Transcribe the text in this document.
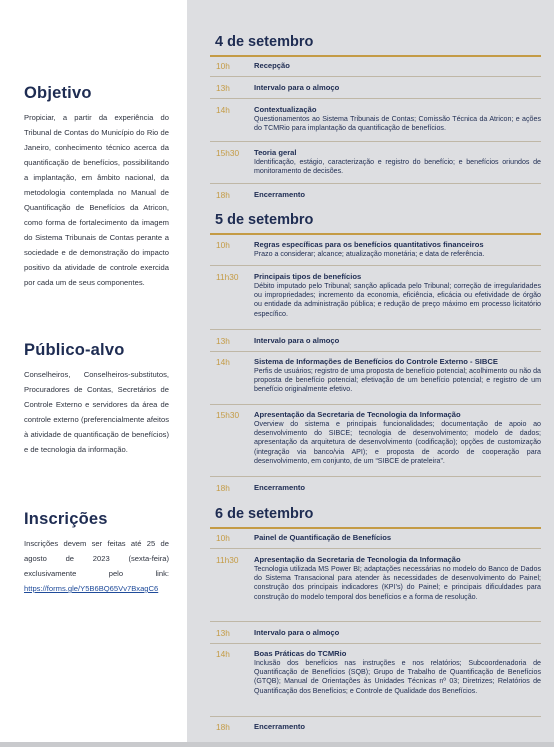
Objetivo

Propiciar, a partir da experiência do Tribunal de Contas do Município do Rio de Janeiro, conhecimento técnico acerca da quantificação de benefícios, possibilitando a implantação, em âmbito nacional, da metodologia contemplada no Manual de Quantificação de Benefícios da Atricon, como forma de fortalecimento da imagem do Sistema Tribunais de Contas perante a sociedade e de demonstração do impacto positivo da atividade de controle exercida por cada um de seus componentes.

Público-alvo

Conselheiros, Conselheiros-substitutos, Procuradores de Contas, Secretários de Controle Externo e servidores da área de controle externo (preferencialmente afeitos à atividade de quantificação de benefícios) e de tecnologia da informação.

Inscrições

Inscrições devem ser feitas até 25 de agosto de 2023 (sexta-feira) exclusivamente pelo link: https://forms.gle/Y5B6BQ65Vv7BxagC6

4 de setembro
10h	Recepção
13h	Intervalo para o almoço
14h	Contextualização
Questionamentos ao Sistema Tribunais de Contas; Comissão Técnica da Atricon; e ações do TCMRio para implantação da quantificação de benefícios.
15h30 Teoria geral
Identificação, estágio, caracterização e registro do benefício; e benefícios oriundos de monitoramento de decisões.
18h	Encerramento
5 de setembro
10h	Regras específicas para os benefícios quantitativos financeiros
Prazo a considerar; alcance; atualização monetária; e data de referência.
11h30 Principais tipos de benefícios
Débito imputado pelo Tribunal; sanção aplicada pelo Tribunal; correção de irregularidades ou impropriedades; incremento da economia, eficiência, eficácia ou efetividade de órgão ou entidade da administração pública; e redução de preço máximo em processo licitatório específico.
13h	Intervalo para o almoço
14h	Sistema de Informações de Benefícios do Controle Externo - SIBCE
Perfis de usuários; registro de uma proposta de benefício potencial; acolhimento ou não da proposta de benefício potencial; efetivação de um benefício potencial; e registro de um benefício originalmente efetivo.
15h30 Apresentação da Secretaria de Tecnologia da Informação
Overview do sistema e principais funcionalidades; documentação de apoio ao desenvolvimento do SIBCE; tecnologia de desenvolvimento; modelo de dados; apresentação da arquitetura de desenvolvimento (codificação); opções de customização (integração via banco/via API); e proposta de acordo de cooperação para desenvolvimento, em conjunto, de um “SIBCE de prateleira”.
18h	Encerramento
6 de setembro
10h	Painel de Quantificação de Benefícios
11h30 Apresentação da Secretaria de Tecnologia da Informação
Tecnologia utilizada MS Power BI; adaptações necessárias no modelo do Banco de Dados do Sistema Transacional para atender às necessidades de desenvolvimento do Painel; construção dos principais indicadores (KPI’s) do Painel; e principais dificuldades para construção do modelo temporal dos benefícios e a forma de resolução.
13h	Intervalo para o almoço
14h	Boas Práticas do TCMRio
Inclusão dos benefícios nas instruções e nos relatórios; Subcoordenadoria de Quantificação de Benefícios (SQB); Grupo de Trabalho de Quantificação de Benefícios (GTQB); Manual de Orientações às Unidades Técnicas nº 03; Diretrizes; Relatórios de Quantificação dos Benefícios; e Controle de Qualidade dos Benefícios.
18h	Encerramento
